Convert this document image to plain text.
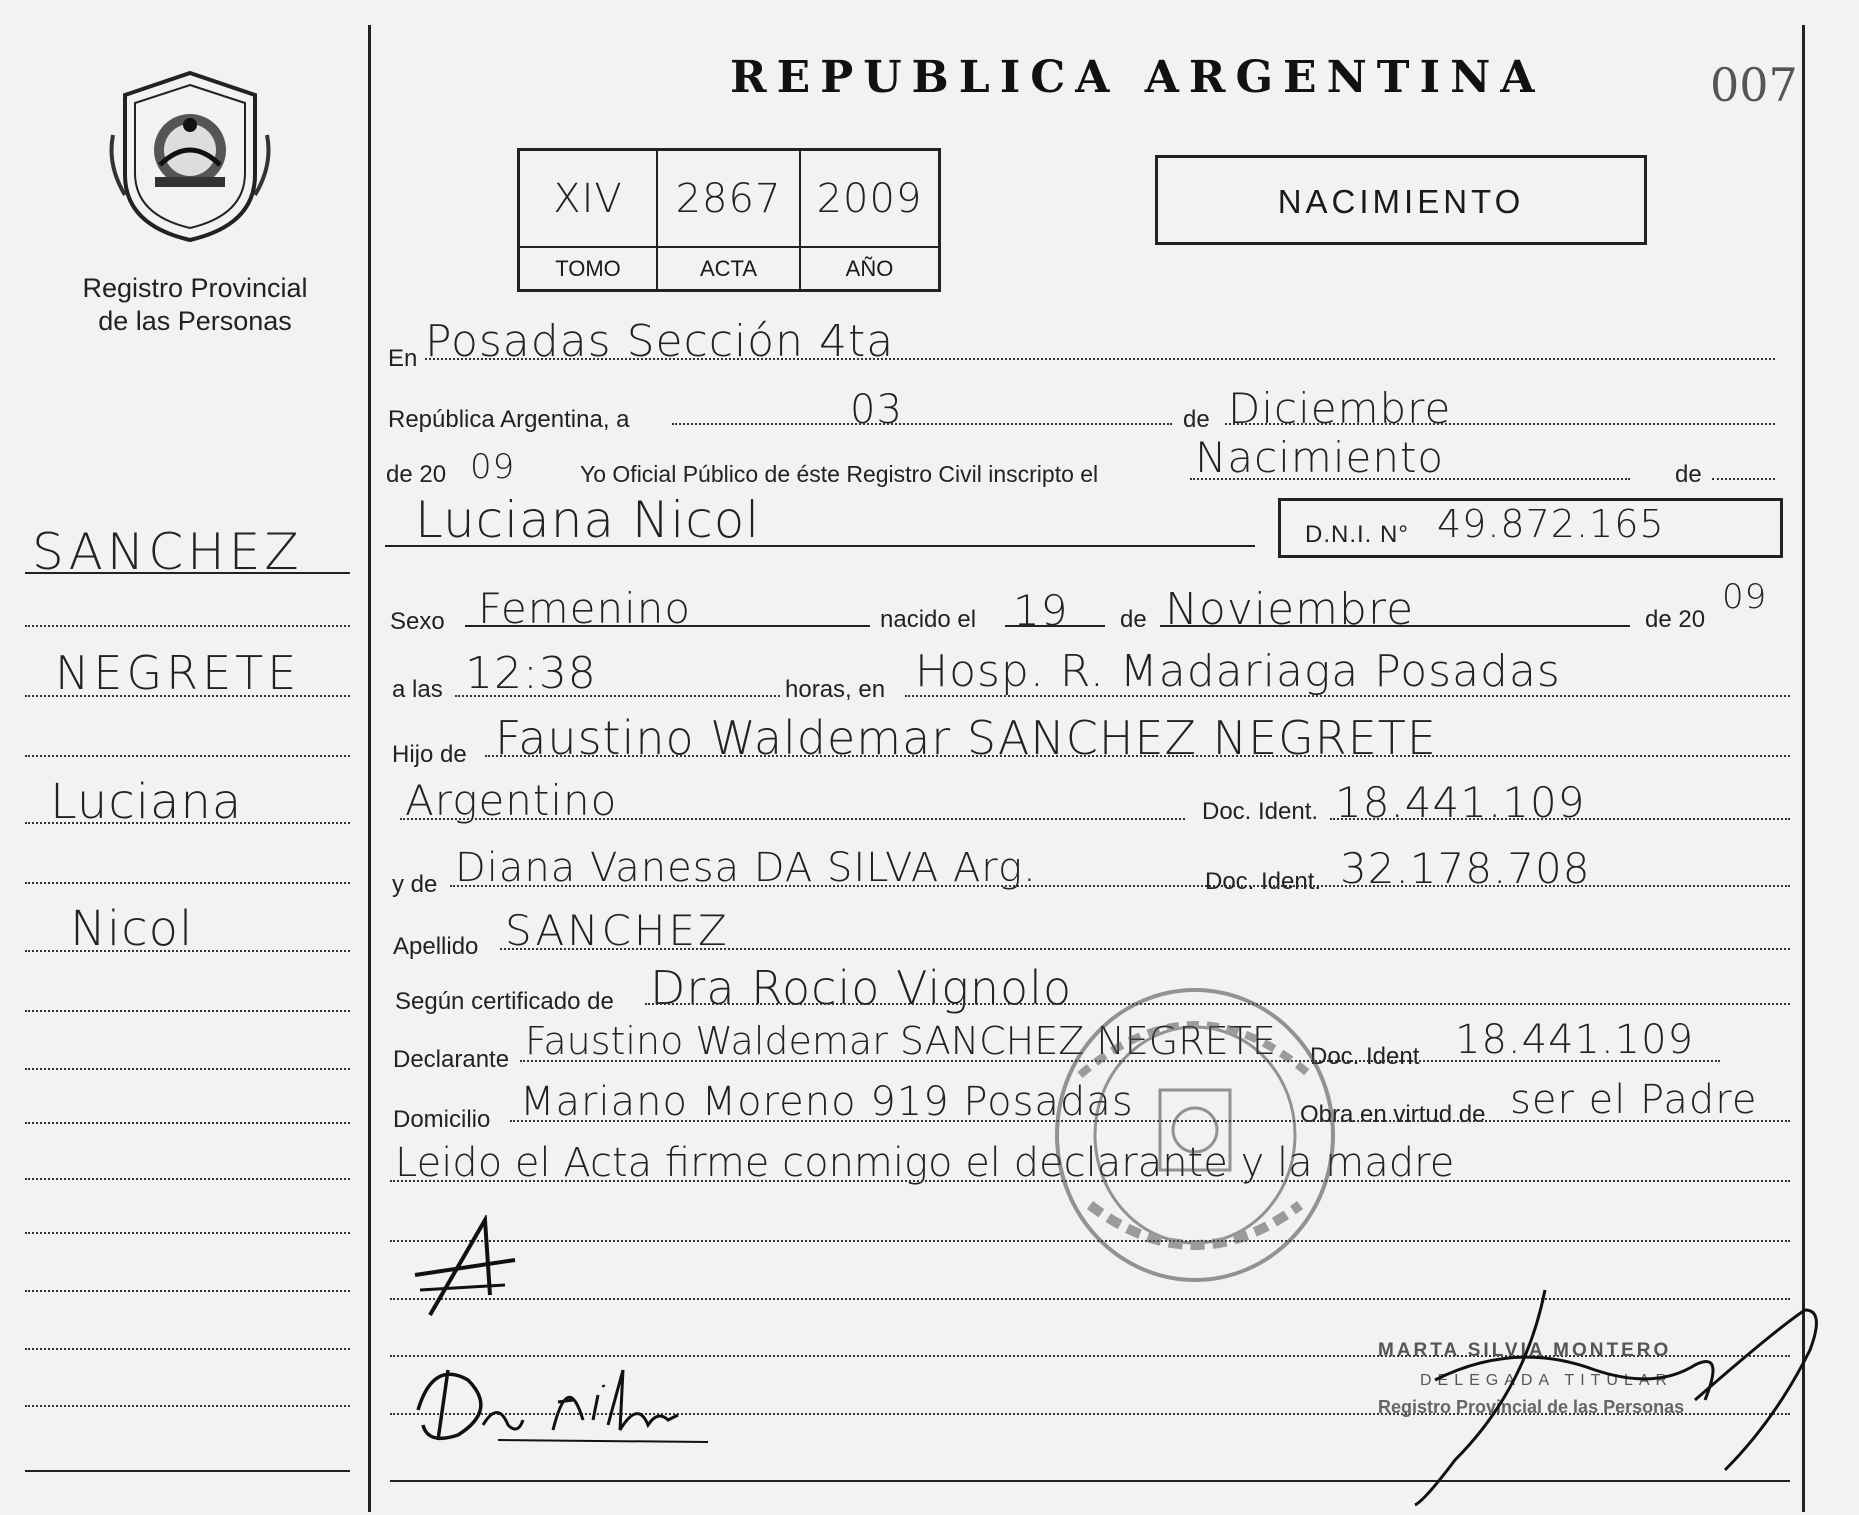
Registro Provincial
de las Personas
SANCHEZ
NEGRETE
Luciana
Nicol
REPUBLICA ARGENTINA	007
XIV	2867 2009
TOMO	ACTA	AÑO
NACIMIENTO
En Posadas Sección 4ta
República Argentina, a	03	de Diciembre
de 20 09	Yo Oficial Público de éste Registro Civil inscripto el Nacimiento	de
Luciana Nicol	D.N.I. N° 49.872.165
Sexo Femenino	nacido el 19 de Noviembre	de 20
09
a las 12:38	horas, en Hosp. R. Madariaga Posadas
Hijo de Faustino Waldemar SANCHEZ NEGRETE
Argentino	Doc. Ident. 18.441.109
y de Diana Vanesa DA SILVA Arg.	Doc. Ident. 32.178.708
Apellido SANCHEZ
Según certificado de Dra Rocio Vignolo
Declarante Faustino Waldemar SANCHEZ NEGRETE Doc. Ident 18.441.109
Domicilio Mariano Moreno 919 Posadas	Obra en virtud de ser el Padre
Leido el Acta firme conmigo el declarante y la madre
MARTA SILVIA MONTERO
DELEGADA TITULAR
Registro Provincial de las Personas
